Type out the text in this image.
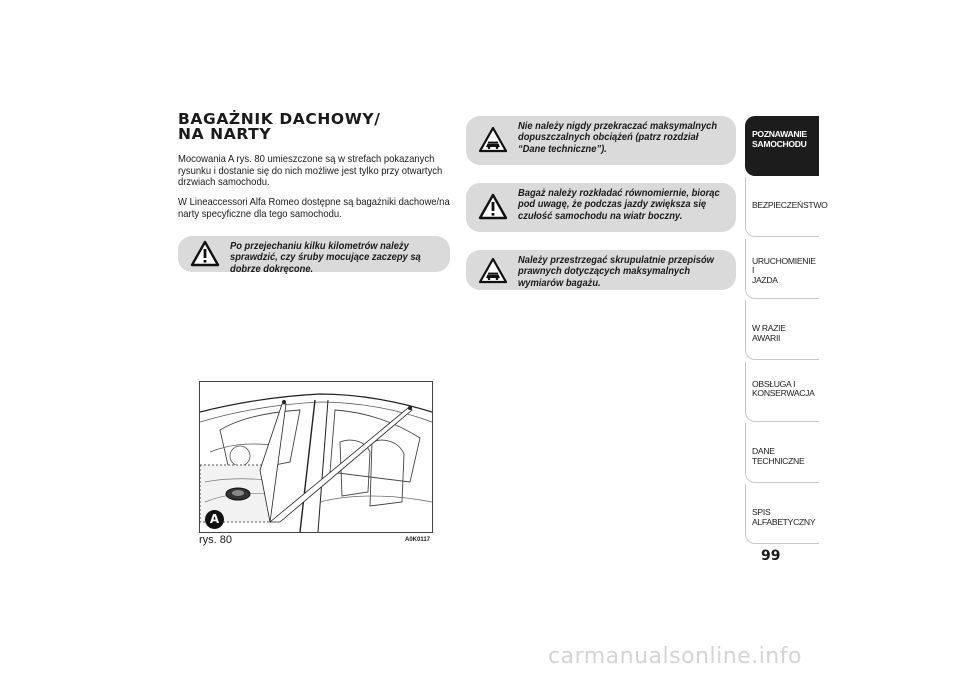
BAGAŻNIK DACHOWY/
NA NARTY

Mocowania A rys. 80 umieszczone są w strefach pokazanych rysunku i dostanie się do nich możliwe jest tylko przy otwartych drzwiach samochodu.

W Lineaccessori Alfa Romeo dostępne są bagażniki dachowe/na narty specyficzne dla tego samochodu.

Po przejechaniu kilku kilometrów należy sprawdzić, czy śruby mocujące zaczepy są dobrze dokręcone.

Nie należy nigdy przekraczać maksymalnych dopuszczalnych obciążeń (patrz rozdział “Dane techniczne”).

Bagaż należy rozkładać równomiernie, biorąc pod uwagę, że podczas jazdy zwiększa się czułość samochodu na wiatr boczny.

Należy przestrzegać skrupulatnie przepisów prawnych dotyczących maksymalnych wymiarów bagażu.

A

rys. 80	A0K0117

POZNAWANIE
SAMOCHODU
BEZPIECZEŃSTWO
URUCHOMIENIE I
JAZDA
W RAZIE AWARII
OBSŁUGA I
KONSERWACJA
DANE TECHNICZNE
SPIS ALFABETYCZNY

99

carmanualsonline.info
